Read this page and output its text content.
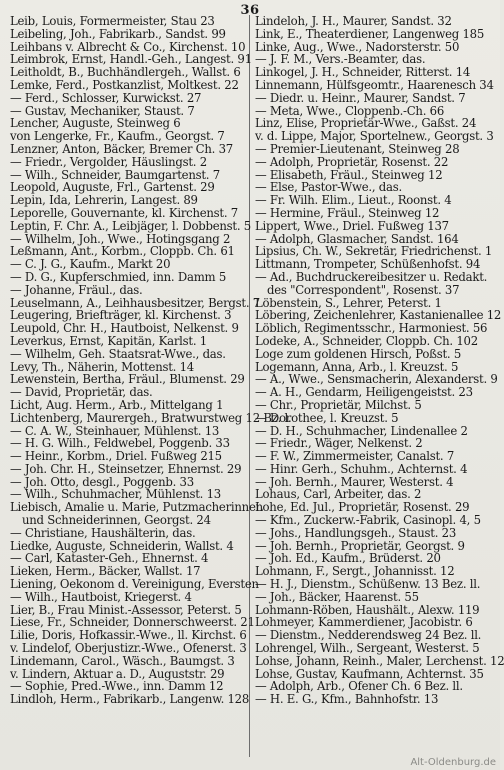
36
Leib, Louis, Formermeister, Stau 23
Leibeling, Joh., Fabrikarb., Sandst. 99
Leihbans v. Albrecht & Co., Kirchenst. 10
Leimbrok, Ernst, Handl.-Geh., Langest. 91
Leitholdt, B., Buchhändlergeh., Wallst. 6
Lemke, Ferd., Postkanzlist, Moltkest. 22
— Ferd., Schlosser, Kurwickst. 27
— Gustav, Mechaniker, Staust. 7
Lencher, Auguste, Steinweg 6
von Lengerke, Fr., Kaufm., Georgst. 7
Lenzner, Anton, Bäcker, Bremer Ch. 37
— Friedr., Vergolder, Häuslingst. 2
— Wilh., Schneider, Baumgartenst. 7
Leopold, Auguste, Frl., Gartenst. 29
Lepin, Ida, Lehrerin, Langest. 89
Leporelle, Gouvernante, kl. Kirchenst. 7
Leptin, F. Chr. A., Leibjäger, l. Dobbenst. 5
— Wilhelm, Joh., Wwe., Hotingsgang 2
Leßmann, Ant., Korbm., Cloppb. Ch. 61
— C. J. G., Kaufm., Markt 20
— D. G., Kupferschmied, inn. Damm 5
— Johanne, Fräul., das.
Leuselmann, A., Leihhausbesitzer, Bergst. 7
Leugering, Briefträger, kl. Kirchenst. 3
Leupold, Chr. H., Hautboist, Nelkenst. 9
Leverkus, Ernst, Kapitän, Karlst. 1
— Wilhelm, Geh. Staatsrat-Wwe., das.
Levy, Th., Näherin, Mottenst. 14
Lewenstein, Bertha, Fräul., Blumenst. 29
— David, Proprietär, das.
Licht, Aug. Herm., Arb., Mittelgang 1
Lichtenberg, Maurergeh., Bratwurstweg 12 Bz. l.
— C. A. W., Steinhauer, Mühlenst. 13
— H. G. Wilh., Feldwebel, Poggenb. 33
— Heinr., Korbm., Driel. Fußweg 215
— Joh. Chr. H., Steinsetzer, Ehnernst. 29
— Joh. Otto, desgl., Poggenb. 33
— Wilh., Schuhmacher, Mühlenst. 13
Liebisch, Amalie u. Marie, Putzmacherinnen
und Schneiderinnen, Georgst. 24
— Christiane, Haushälterin, das.
Liedke, Auguste, Schneiderin, Wallst. 4
— Carl, Kataster-Geh., Ehnernst. 4
Lieken, Herm., Bäcker, Wallst. 17
Liening, Oekonom d. Vereinigung, Eversten
— Wilh., Hautboist, Kriegerst. 4
Lier, B., Frau Minist.-Assessor, Peterst. 5
Liese, Fr., Schneider, Donnerschweerst. 21
Lilie, Doris, Hofkassir.-Wwe., ll. Kirchst. 6
v. Lindelof, Oberjustizr.-Wwe., Ofenerst. 3
Lindemann, Carol., Wäsch., Baumgst. 3
v. Lindern, Aktuar a. D., Auguststr. 29
— Sophie, Pred.-Wwe., inn. Damm 12
Lindloh, Herm., Fabrikarb., Langenw. 128
Lindeloh, J. H., Maurer, Sandst. 32
Link, E., Theaterdiener, Langenweg 185
Linke, Aug., Wwe., Nadorsterstr. 50
— J. F. M., Vers.-Beamter, das.
Linkogel, J. H., Schneider, Ritterst. 14
Linnemann, Hülfsgeomtr., Haarenesch 34
— Diedr. u. Heinr., Maurer, Sandst. 7
— Meta, Wwe., Cloppenb.-Ch. 66
Linz, Elise, Proprietär-Wwe., Gaßst. 24
v. d. Lippe, Major, Sportelnew., Georgst. 3
— Premier-Lieutenant, Steinweg 28
— Adolph, Proprietär, Rosenst. 22
— Elisabeth, Fräul., Steinweg 12
— Else, Pastor-Wwe., das.
— Fr. Wilh. Elim., Lieut., Roonst. 4
— Hermine, Fräul., Steinweg 12
Lippert, Wwe., Driel. Fußweg 137
— Adolph, Glasmacher, Sandst. 164
Lipsius, Ch. W., Sekretär, Friedrichenst. 1
Littmann, Trompeter, Schüßenhofst. 94
— Ad., Buchdruckereibesitzer u. Redakt.
des "Correspondent", Rosenst. 37
Löbenstein, S., Lehrer, Peterst. 1
Löbering, Zeichenlehrer, Kastanienallee 12
Löblich, Regimentsschr., Harmoniest. 56
Lodeke, A., Schneider, Cloppb. Ch. 102
Loge zum goldenen Hirsch, Poßst. 5
Logemann, Anna, Arb., l. Kreuzst. 5
— A., Wwe., Sensmacherin, Alexanderst. 9
— A. H., Gendarm, Heiligengeistst. 23
— Chr., Proprietär, Milchst. 5
— Dorothee, l. Kreuzst. 5
— D. H., Schuhmacher, Lindenallee 2
— Friedr., Wäger, Nelkenst. 2
— F. W., Zimmermeister, Canalst. 7
— Hinr. Gerh., Schuhm., Achternst. 4
— Joh. Bernh., Maurer, Westerst. 4
Lohaus, Carl, Arbeiter, das. 2
Lohe, Ed. Jul., Proprietär, Rosenst. 29
— Kfm., Zuckerw.-Fabrik, Casinopl. 4, 5
— Johs., Handlungsgeh., Staust. 23
— Joh. Bernh., Proprietär, Georgst. 9
— Joh. Ed., Kaufm., Brüderst. 20
Lohmann, F., Sergt., Johannisst. 12
— H. J., Dienstm., Schüßenw. 13 Bez. ll.
— Joh., Bäcker, Haarenst. 55
Lohmann-Röben, Haushält., Alexw. 119
Lohmeyer, Kammerdiener, Jacobistr. 6
— Dienstm., Nedderendsweg 24 Bez. ll.
Lohrengel, Wilh., Sergeant, Westerst. 5
Lohse, Johann, Reinh., Maler, Lerchenst. 12
Lohse, Gustav, Kaufmann, Achternst. 35
— Adolph, Arb., Ofener Ch. 6 Bez. ll.
— H. E. G., Kfm., Bahnhofstr. 13
Alt-Oldenburg.de
